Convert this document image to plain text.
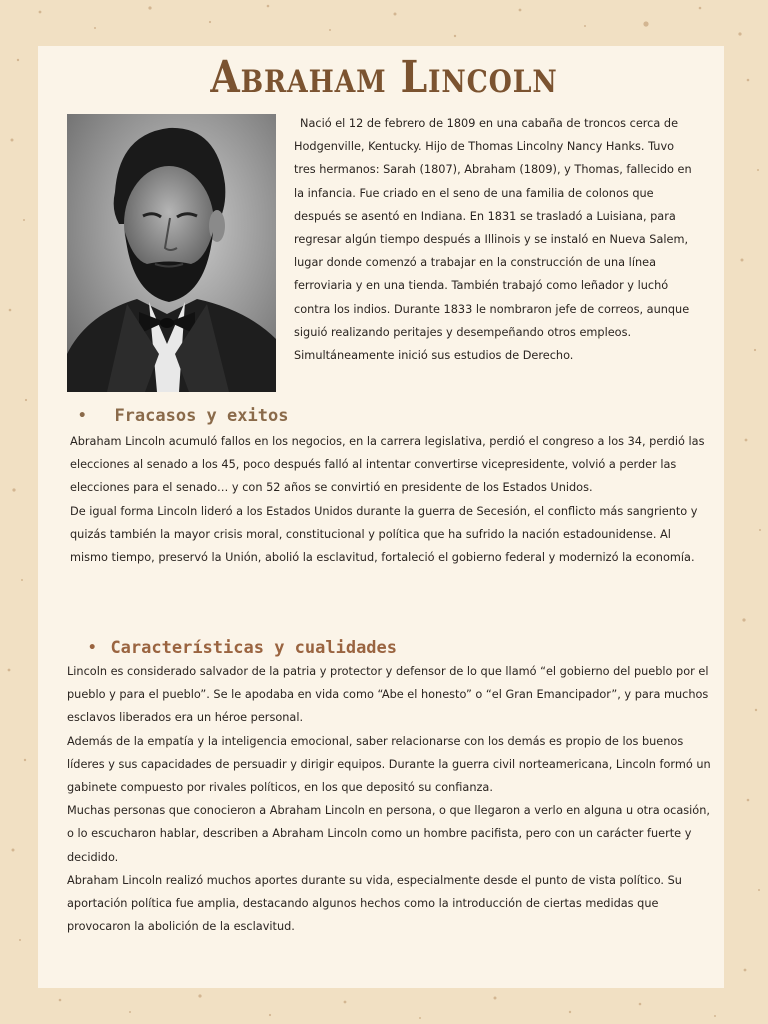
Abraham Lincoln

Nació el 12 de febrero de 1809 en una cabaña de troncos cerca de Hodgenville, Kentucky. Hijo de Thomas Lincolny Nancy Hanks. Tuvo tres hermanos: Sarah (1807), Abraham (1809), y Thomas, fallecido en la infancia. Fue criado en el seno de una familia de colonos que después se asentó en Indiana. En 1831 se trasladó a Luisiana, para regresar algún tiempo después a Illinois y se instaló en Nueva Salem, lugar donde comenzó a trabajar en la construcción de una línea ferroviaria y en una tienda. También trabajó como leñador y luchó contra los indios. Durante 1833 le nombraron jefe de correos, aunque siguió realizando peritajes y desempeñando otros empleos. Simultáneamente inició sus estudios de Derecho.

• Fracasos y exitos

Abraham Lincoln acumuló fallos en los negocios, en la carrera legislativa, perdió el congreso a los 34, perdió las elecciones al senado a los 45, poco después falló al intentar convertirse vicepresidente, volvió a perder las elecciones para el senado… y con 52 años se convirtió en presidente de los Estados Unidos.

De igual forma Lincoln lideró a los Estados Unidos durante la guerra de Secesión, el conflicto más sangriento y quizás también la mayor crisis moral, constitucional y política que ha sufrido la nación estadounidense. Al mismo tiempo, preservó la Unión, abolió la esclavitud, fortaleció el gobierno federal y modernizó la economía.

• Características y cualidades

Lincoln es considerado salvador de la patria y protector y defensor de lo que llamó “el gobierno del pueblo por el pueblo y para el pueblo”. Se le apodaba en vida como “Abe el honesto” o “el Gran Emancipador”, y para muchos esclavos liberados era un héroe personal.

Además de la empatía y la inteligencia emocional, saber relacionarse con los demás es propio de los buenos líderes y sus capacidades de persuadir y dirigir equipos. Durante la guerra civil norteamericana, Lincoln formó un gabinete compuesto por rivales políticos, en los que depositó su confianza.

Muchas personas que conocieron a Abraham Lincoln en persona, o que llegaron a verlo en alguna u otra ocasión, o lo escucharon hablar, describen a Abraham Lincoln como un hombre pacifista, pero con un carácter fuerte y decidido.

Abraham Lincoln realizó muchos aportes durante su vida, especialmente desde el punto de vista político. Su aportación política fue amplia, destacando algunos hechos como la introducción de ciertas medidas que provocaron la abolición de la esclavitud.
